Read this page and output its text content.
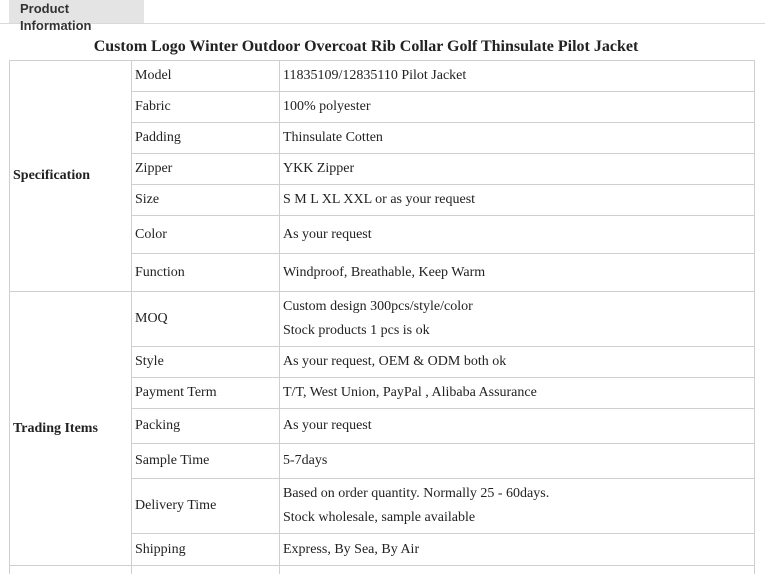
Product Information
Custom Logo Winter Outdoor Overcoat Rib Collar Golf Thinsulate Pilot Jacket
Specification	Model	11835109/12835110 Pilot Jacket
	Fabric	100% polyester
	Padding	Thinsulate Cotten
	Zipper	YKK Zipper
	Size	S M L XL XXL or as your request
	Color	As your request
	Function	Windproof, Breathable, Keep Warm
Trading Items	MOQ	Custom design 300pcs/style/color
Stock products 1 pcs is ok

	Style	As your request, OEM & ODM both ok
	Payment Term	T/T, West Union, PayPal , Alibaba Assurance
	Packing	As your request
	Sample Time	5-7days
	Delivery Time	Based on order quantity. Normally 25 - 60days.
Stock wholesale, sample available

	Shipping	Express, By Sea, By Air
